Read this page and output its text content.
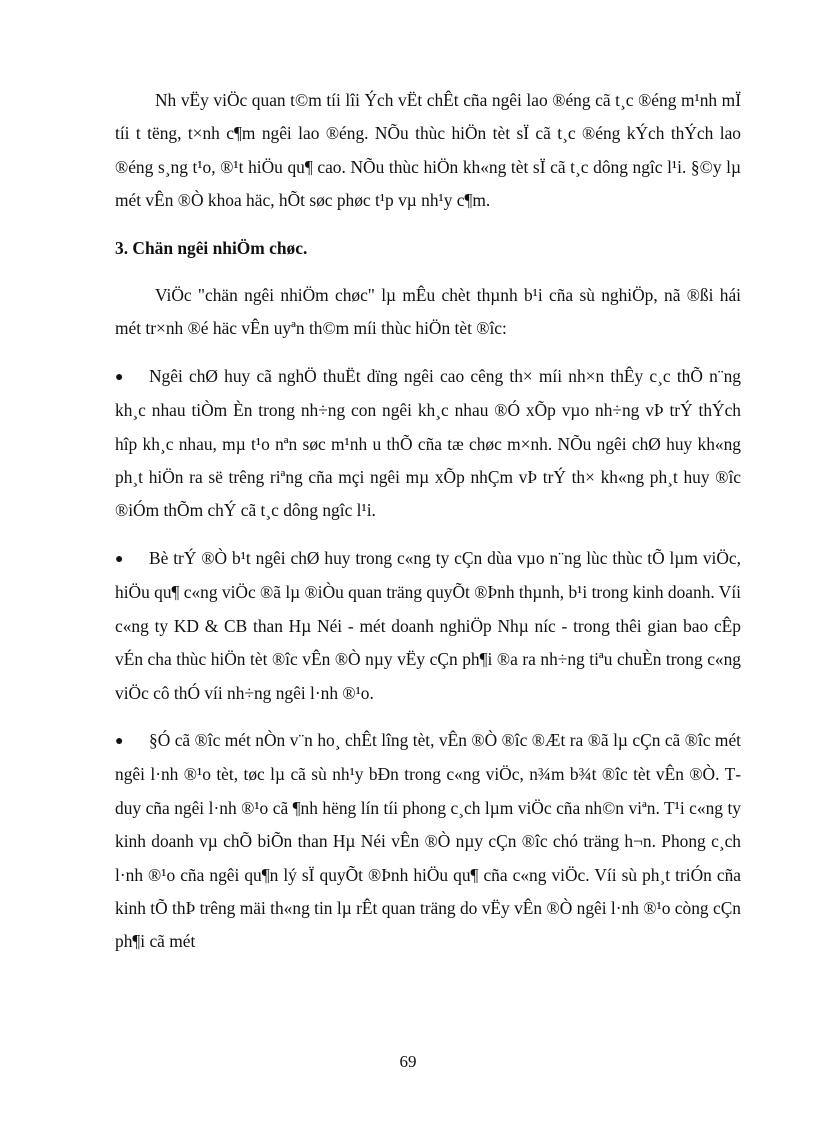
Nh vËy viÖc quan t©m tíi lîi Ých vËt chÊt cña ngêi lao ®éng cã t¸c ®éng m¹nh mÏ tíi t tëng, t×nh c¶m ngêi lao ®éng. NÕu thùc hiÖn tèt sÏ cã t¸c ®éng kÝch thÝch lao ®éng s¸ng t¹o, ®¹t hiÖu qu¶ cao. NÕu thùc hiÖn kh«ng tèt sÏ cã t¸c dông ngîc l¹i. §©y lµ mét vÊn ®Ò khoa häc, hÕt søc phøc t¹p vµ nh¹y c¶m.

3. Chän ngêi nhiÖm chøc.

ViÖc "chän ngêi nhiÖm chøc" lµ mÊu chèt thµnh b¹i cña sù nghiÖp, nã ®ßi hái mét tr×nh ®é häc vÊn uyªn th©m míi thùc hiÖn tèt ®îc:

● Ngêi chØ huy cã nghÖ thuËt dïng ngêi cao cêng th× míi nh×n thÊy c¸c thÕ n¨ng kh¸c nhau tiÒm Èn trong nh÷ng con ngêi kh¸c nhau ®Ó xÕp vµo nh÷ng vÞ trÝ thÝch hîp kh¸c nhau, mµ t¹o nªn søc m¹nh u thÕ cña tæ chøc m×nh. NÕu ngêi chØ huy kh«ng ph¸t hiÖn ra së trêng riªng cña mçi ngêi mµ xÕp nhÇm vÞ trÝ th× kh«ng ph¸t huy ®îc ®iÓm thÕm chÝ cã t¸c dông ngîc l¹i.

● Bè trÝ ®Ò b¹t ngêi chØ huy trong c«ng ty cÇn dùa vµo n¨ng lùc thùc tÕ lµm viÖc, hiÖu qu¶ c«ng viÖc ®ã lµ ®iÒu quan träng quyÕt ®Þnh thµnh, b¹i trong kinh doanh. Víi c«ng ty KD & CB than Hµ Néi - mét doanh nghiÖp Nhµ níc - trong thêi gian bao cÊp vÉn cha thùc hiÖn tèt ®îc vÊn ®Ò nµy vËy cÇn ph¶i ®a ra nh÷ng tiªu chuÈn trong c«ng viÖc cô thÓ víi nh÷ng ngêi l·nh ®¹o.

● §Ó cã ®îc mét nÒn v¨n ho¸ chÊt lîng tèt, vÊn ®Ò ®îc ®Æt ra ®ã lµ cÇn cã ®îc mét ngêi l·nh ®¹o tèt, tøc lµ cã sù nh¹y bÐn trong c«ng viÖc, n¾m b¾t ®îc tèt vÊn ®Ò. T duy cña ngêi l·nh ®¹o cã ¶nh hëng lín tíi phong c¸ch lµm viÖc cña nh©n viªn. T¹i c«ng ty kinh doanh vµ chÕ biÕn than Hµ Néi vÊn ®Ò nµy cÇn ®îc chó träng h¬n. Phong c¸ch l·nh ®¹o cña ngêi qu¶n lý sÏ quyÕt ®Þnh hiÖu qu¶ cña c«ng viÖc. Víi sù ph¸t triÓn cña kinh tÕ thÞ trêng mäi th«ng tin lµ rÊt quan träng do vËy vÊn ®Ò ngêi l·nh ®¹o còng cÇn ph¶i cã mét

69
